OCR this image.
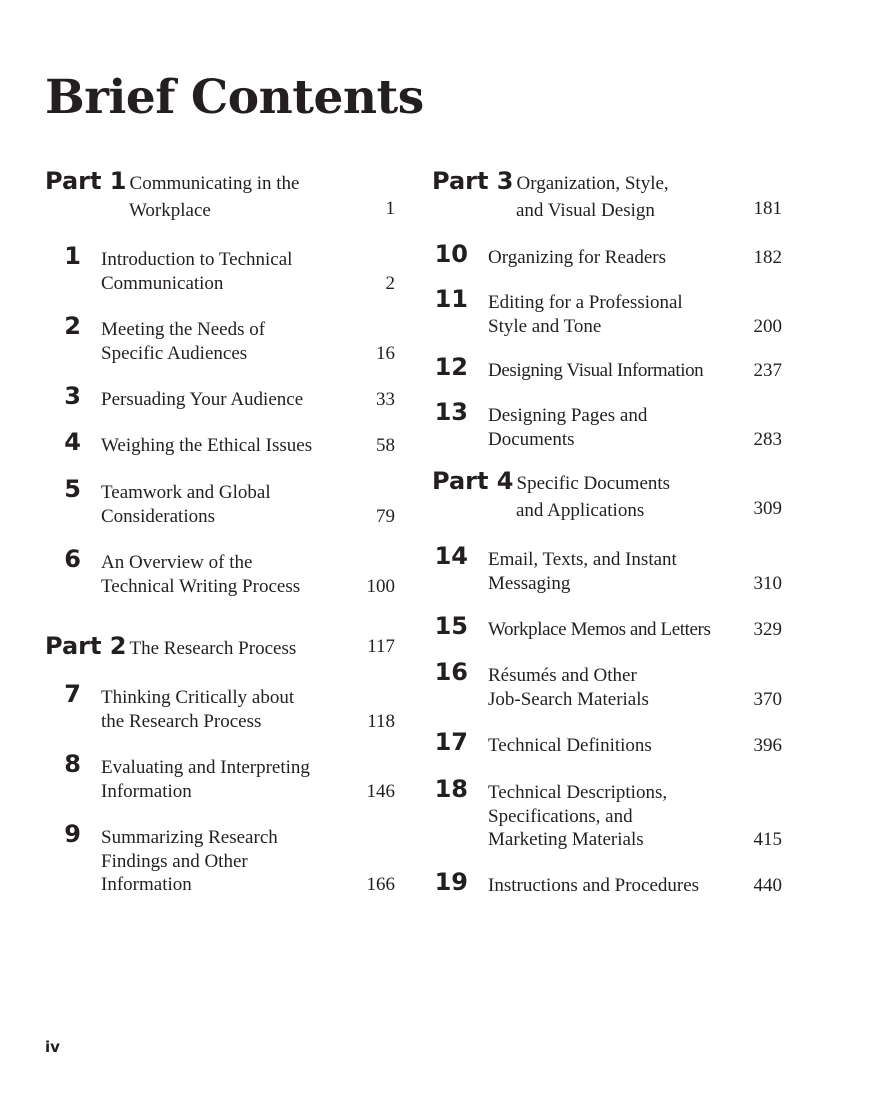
Brief Contents
Part 1 Communicating in the
Workplace	1
1 Introduction to Technical
Communication	2
2 Meeting the Needs of
Specific Audiences	16
3 Persuading Your Audience	33
4 Weighing the Ethical Issues	58
5 Teamwork and Global
Considerations	79
6 An Overview of the
Technical Writing Process	100
Part 2 The Research Process	117
7 Thinking Critically about
the Research Process	118
8 Evaluating and Interpreting
Information	146
9 Summarizing Research
Findings and Other
Information	166
Part 3 Organization, Style,
and Visual Design	181
10 Organizing for Readers	182
11 Editing for a Professional
Style and Tone	200
12 Designing Visual Information	237
13 Designing Pages and
Documents	283
Part 4 Specific Documents
and Applications	309
14 Email, Texts, and Instant
Messaging	310
15 Workplace Memos and Letters	329
16 Résumés and Other
Job-Search Materials	370
17 Technical Definitions	396
18 Technical Descriptions,
Specifications, and
Marketing Materials	415
19 Instructions and Procedures	440
iv
